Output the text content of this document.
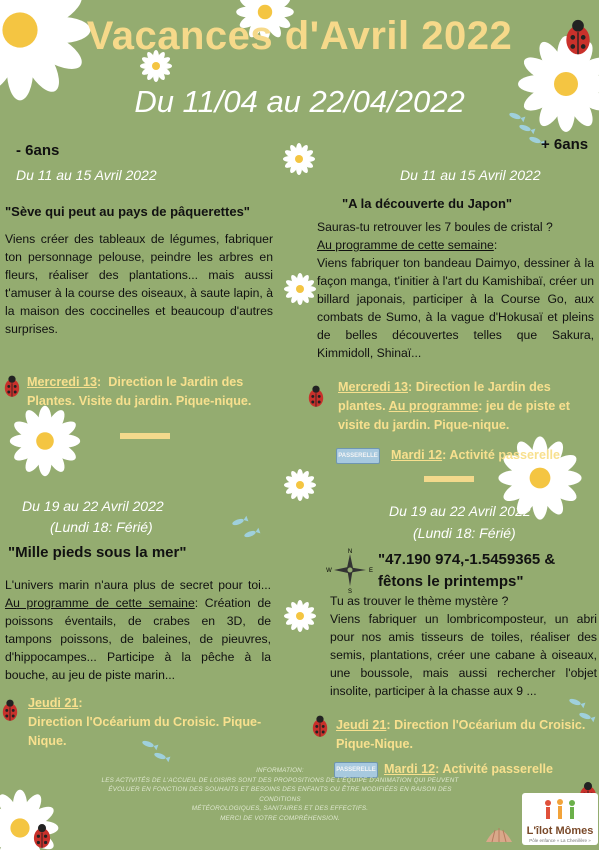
Vacances d'Avril 2022
Du 11/04 au 22/04/2022
- 6ans
Du 11 au 15 Avril 2022
"Sève qui peut au pays de pâquerettes"
Viens créer des tableaux de légumes, fabriquer ton personnage pelouse, peindre les arbres en fleurs, réaliser des plantations... mais aussi t'amuser à la course des oiseaux, à saute lapin, à la maison des coccinelles et beaucoup d'autres surprises.
Mercredi 13:  Direction le Jardin des Plantes. Visite du jardin. Pique-nique.
Du 19 au 22 Avril 2022
(Lundi 18: Férié)
"Mille pieds sous la mer"
L'univers marin n'aura plus de secret pour toi... Au programme de cette semaine: Création de poissons éventails, de crabes en 3D, de tampons poissons, de baleines, de pieuvres, d'hippocampes... Participe à la pêche à la bouche, au jeu de piste marin...
Jeudi 21:
Direction l'Océarium du Croisic. Pique-Nique.
+ 6ans
Du 11 au 15 Avril 2022
"A la découverte du Japon"
Sauras-tu retrouver les 7 boules de cristal ?
Au programme de cette semaine:
Viens fabriquer ton bandeau Daimyo, dessiner à la façon manga, t'initier à l'art du Kamishibaï, créer un billard japonais, participer à la Course Go, aux combats de Sumo, à la vague d'Hokusaï et pleins de belles découvertes telles que Sakura, Kimmidoll, Shinaï...
Mercredi 13: Direction le Jardin des plantes. Au programme: jeu de piste et visite du jardin. Pique-nique.
PASSERELLE Mardi 12: Activité passerelle
Du 19 au 22 Avril 2022
(Lundi 18: Férié)
N
S
E
W
"47.190 974,-1.5459365 & fêtons le printemps"
Tu as trouver le thème mystère ?
Viens fabriquer un lombricomposteur, un abri pour nos amis tisseurs de toiles, réaliser des semis, plantations, créer une cabane à oiseaux, une boussole, mais aussi rechercher l'objet insolite, participer à la chasse aux 9 ...
Jeudi 21: Direction l'Océarium du Croisic. Pique-Nique.
PASSERELLE Mardi 12: Activité passerelle
INFORMATION:
LES ACTIVITÉS DE L'ACCUEIL DE LOISIRS SONT DES PROPOSITIONS DE L'ÉQUIPE D'ANIMATION QUI PEUVENT
ÉVOLUER EN FONCTION DES SOUHAITS ET BESOINS DES ENFANTS OU ÊTRE MODIFIÉES EN RAISON DES
CONDITIONS
MÉTÉOROLOGIQUES, SANITAIRES ET DES EFFECTIFS.
MERCI DE VOTRE COMPRÉHENSION.
L'îlot Mômes
Pôle enfance « La Chenillère »
